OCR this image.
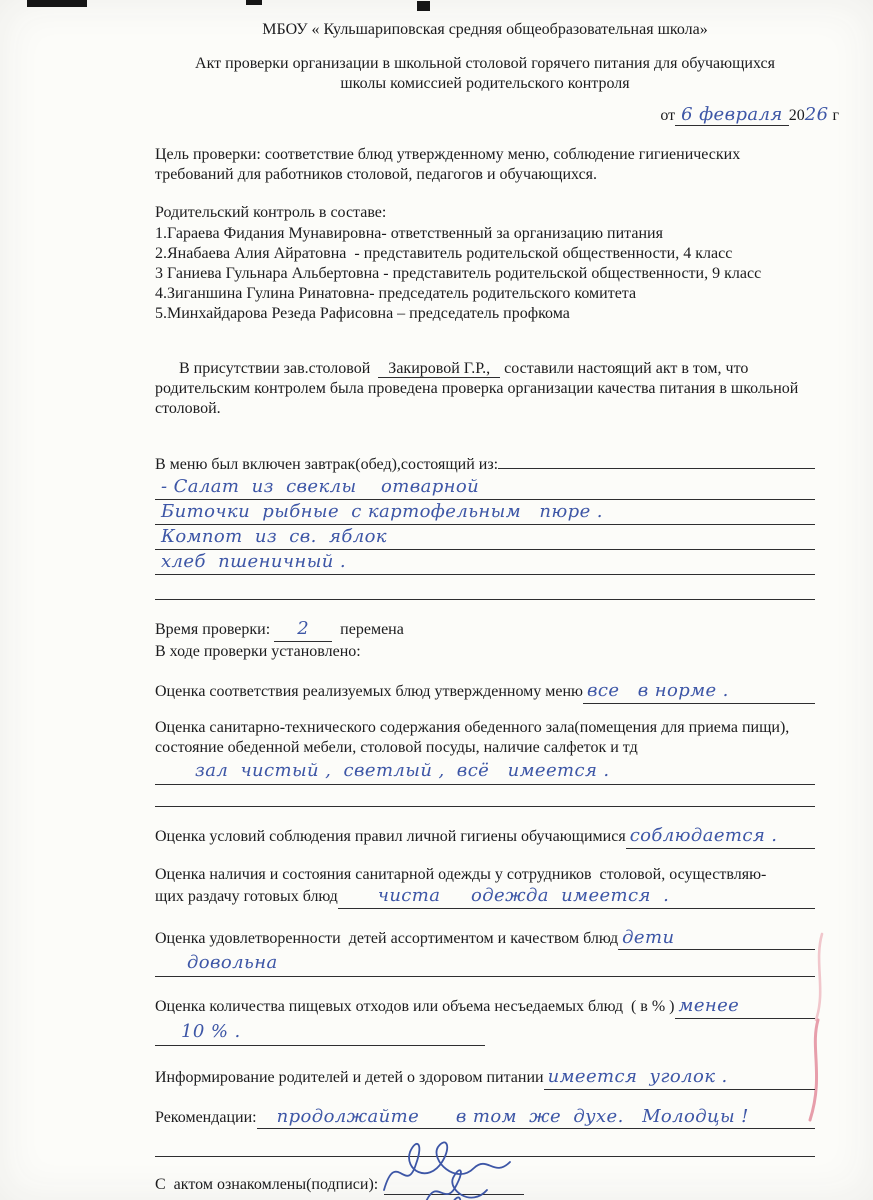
МБОУ « Кульшариповская средняя общеобразовательная школа»
Акт проверки организации в школьной столовой горячего питания для обучающихся
школы комиссией родительского контроля
от 6 февраля 2026 г
Цель проверки: соответствие блюд утвержденному меню, соблюдение гигиенических требований для работников столовой, педагогов и обучающихся.
Родительский контроль в составе:
1.Гараева Фидания Мунавировна- ответственный за организацию питания
2.Янабаева Алия Айратовна  - представитель родительской общественности, 4 класс
3 Ганиева Гульнара Альбертовна - представитель родительской общественности, 9 класс
4.Зиганшина Гулина Ринатовна- председатель родительского комитета
5.Минхайдарова Резеда Рафисовна – председатель профкома

В присутствии зав.столовой  Закировой Г.Р., составили настоящий акт в том, что родительским контролем была проведена проверка организации качества питания в школьной столовой.

В меню был включен завтрак(обед),состоящий из:
- Салат  из  свеклы    отварной
Биточки  рыбные  с картофельным   пюре .
Компот  из  св.  яблок
хлеб  пшеничный .
Время проверки: 2  перемена
В ходе проверки установлено:
Оценка соответствия реализуемых блюд утвержденному меню все   в норме .
Оценка санитарно-технического содержания обеденного зала(помещения для приема пищи), состояние обеденной мебели, столовой посуды, наличие салфеток и тд
зал  чистый ,  светлый ,  всё   имеется .
Оценка условий соблюдения правил личной гигиены обучающимися соблюдается .
Оценка наличия и состояния санитарной одежды у сотрудников  столовой, осуществляю-
щих раздачу готовых блюд	чиста     одежда  имеется  .
Оценка удовлетворенности  детей ассортиментом и качеством блюд дети
довольна
Оценка количества пищевых отходов или объема несъедаемых блюд  ( в % ) менее
10 % .
Информирование родителей и детей о здоровом питании имеется  уголок .
Рекомендации:	продолжайте      в том  же  духе.   Молодцы !
С  актом ознакомлены(подписи):
